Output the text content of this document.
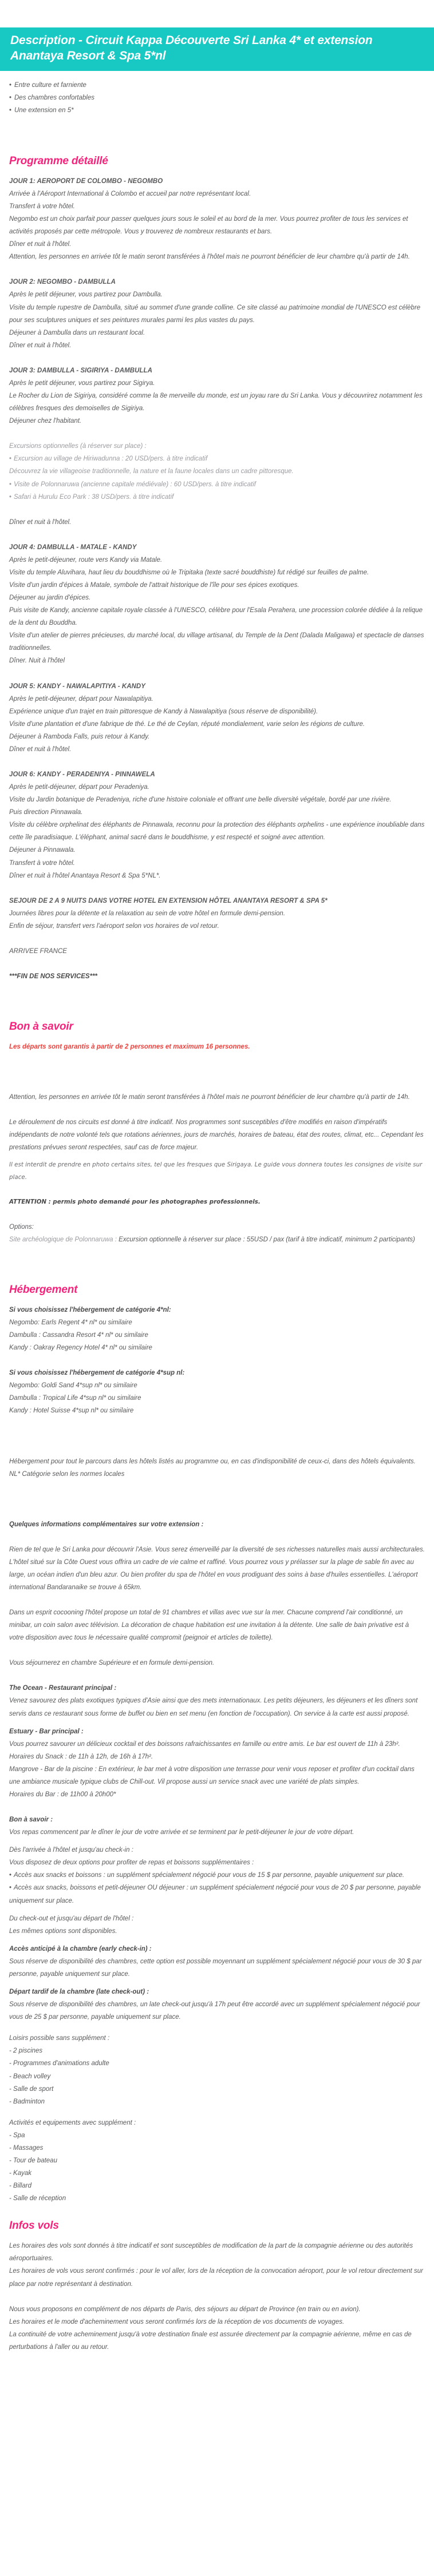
Description - Circuit Kappa Découverte Sri Lanka 4* et extension Anantaya Resort & Spa 5*nl
• Entre culture et farniente
• Des chambres confortables
• Une extension en 5*
Programme détaillé

JOUR 1: AEROPORT DE COLOMBO - NEGOMBO

Arrivée à l'Aéroport International à Colombo et accueil par notre représentant local.

Transfert à votre hôtel.

Negombo est un choix parfait pour passer quelques jours sous le soleil et au bord de la mer. Vous pourrez profiter de tous les services et activités proposés par cette métropole. Vous y trouverez de nombreux restaurants et bars.

Dîner et nuit à l'hôtel.

Attention, les personnes en arrivée tôt le matin seront transférées à l'hôtel mais ne pourront bénéficier de leur chambre qu'à partir de 14h.

JOUR 2: NEGOMBO - DAMBULLA

Après le petit déjeuner, vous partirez pour Dambulla.

Visite du temple rupestre de Dambulla, situé au sommet d'une grande colline. Ce site classé au patrimoine mondial de l'UNESCO est célèbre pour ses sculptures uniques et ses peintures murales parmi les plus vastes du pays.

Déjeuner à Dambulla dans un restaurant local.

Dîner et nuit à l'hôtel.

JOUR 3: DAMBULLA - SIGIRIYA - DAMBULLA

Après le petit déjeuner, vous partirez pour Sigirya.

Le Rocher du Lion de Sigiriya, considéré comme la 8e merveille du monde, est un joyau rare du Sri Lanka. Vous y découvrirez notamment les célèbres fresques des demoiselles de Sigiriya.

Déjeuner chez l'habitant.

Excursions optionnelles (à réserver sur place) :

• Excursion au village de Hiriwadunna : 20 USD/pers. à titre indicatif
Découvrez la vie villageoise traditionnelle, la nature et la faune locales dans un cadre pittoresque.
• Visite de Polonnaruwa (ancienne capitale médiévale) : 60 USD/pers. à titre indicatif
• Safari à Hurulu Eco Park : 38 USD/pers. à titre indicatif

Dîner et nuit à l'hôtel.

JOUR 4: DAMBULLA - MATALE - KANDY

Après le petit-déjeuner, route vers Kandy via Matale.

Visite du temple Aluvihara, haut lieu du bouddhisme où le Tripitaka (texte sacré bouddhiste) fut rédigé sur feuilles de palme.

Visite d'un jardin d'épices à Matale, symbole de l'attrait historique de l'île pour ses épices exotiques.

Déjeuner au jardin d'épices.

Puis visite de Kandy, ancienne capitale royale classée à l'UNESCO, célèbre pour l'Esala Perahera, une procession colorée dédiée à la relique de la dent du Bouddha.

Visite d'un atelier de pierres précieuses, du marché local, du village artisanal, du Temple de la Dent (Dalada Maligawa) et spectacle de danses traditionnelles.

Dîner. Nuit à l'hôtel

JOUR 5: KANDY - NAWALAPITIYA - KANDY

Après le petit-déjeuner, départ pour Nawalapitiya.

Expérience unique d'un trajet en train pittoresque de Kandy à Nawalapitiya (sous réserve de disponibilité).

Visite d'une plantation et d'une fabrique de thé. Le thé de Ceylan, réputé mondialement, varie selon les régions de culture.

Déjeuner à Ramboda Falls, puis retour à Kandy.

Dîner et nuit à l'hôtel.

JOUR 6: KANDY - PERADENIYA - PINNAWELA

Après le petit-déjeuner, départ pour Peradeniya.

Visite du Jardin botanique de Peradeniya, riche d'une histoire coloniale et offrant une belle diversité végétale, bordé par une rivière.

Puis direction Pinnawala.

Visite du célèbre orphelinat des éléphants de Pinnawala, reconnu pour la protection des éléphants orphelins - une expérience inoubliable dans cette île paradisiaque. L'éléphant, animal sacré dans le bouddhisme, y est respecté et soigné avec attention.

Déjeuner à Pinnawala.

Transfert à votre hôtel.

Dîner et nuit à l'hôtel Anantaya Resort & Spa 5*NL*.

SEJOUR DE 2 A 9 NUITS DANS VOTRE HOTEL EN EXTENSION HÔTEL ANANTAYA RESORT & SPA 5*

Journées libres pour la détente et la relaxation au sein de votre hôtel en formule demi-pension.

Enfin de séjour, transfert vers l'aéroport selon vos horaires de vol retour.

ARRIVEE FRANCE

***FIN DE NOS SERVICES***

Bon à savoir

Les départs sont garantis à partir de 2 personnes et maximum 16 personnes.

Attention, les personnes en arrivée tôt le matin seront transférées à l'hôtel mais ne pourront bénéficier de leur chambre qu'à partir de 14h.

Le déroulement de nos circuits est donné à titre indicatif. Nos programmes sont susceptibles d'être modifiés en raison d'impératifs indépendants de notre volonté tels que rotations aériennes, jours de marchés, horaires de bateau, état des routes, climat, etc... Cependant les prestations prévues seront respectées, sauf cas de force majeur.

Il est interdit de prendre en photo certains sites, tel que les fresques que Sirigaya. Le guide vous donnera toutes les consignes de visite sur place.

ATTENTION : permis photo demandé pour les photographes professionnels.

Options:

Site archéologique de Polonnaruwa : Excursion optionnelle à réserver sur place : 55USD / pax (tarif à titre indicatif, minimum 2 participants)

Hébergement

Si vous choisissez l'hébergement de catégorie 4*nl:

Negombo: Earls Regent 4* nl* ou similaire

Dambulla : Cassandra Resort 4* nl* ou similaire

Kandy : Oakray Regency Hotel 4* nl* ou similaire

Si vous choisissez l'hébergement de catégorie 4*sup nl:

Negombo: Goldi Sand 4*sup nl* ou similaire

Dambulla : Tropical Life 4*sup nl* ou similaire

Kandy : Hotel Suisse 4*sup nl* ou similaire

Hébergement pour tout le parcours dans les hôtels listés au programme ou, en cas d'indisponibilité de ceux-ci, dans des hôtels équivalents.

NL* Catégorie selon les normes locales

Quelques informations complémentaires sur votre extension :

Rien de tel que le Sri Lanka pour découvrir l'Asie. Vous serez émerveillé par la diversité de ses richesses naturelles mais aussi architecturales. L'hôtel situé sur la Côte Ouest vous offrira un cadre de vie calme et raffiné. Vous pourrez vous y prélasser sur la plage de sable fin avec au large, un océan indien d'un bleu azur. Ou bien profiter du spa de l'hôtel en vous prodiguant des soins à base d'huiles essentielles. L'aéroport international Bandaranaike se trouve à 65km.

Dans un esprit cocooning l'hôtel propose un total de 91 chambres et villas avec vue sur la mer. Chacune comprend l'air conditionné, un minibar, un coin salon avec télévision. La décoration de chaque habitation est une invitation à la détente. Une salle de bain privative est à votre disposition avec tous le nécessaire qualité compromit (peignoir et articles de toilette).

Vous séjournerez en chambre Supérieure et en formule demi-pension.

The Ocean - Restaurant principal :

Venez savourez des plats exotiques typiques d'Asie ainsi que des mets internationaux. Les petits déjeuners, les déjeuners et les dîners sont servis dans ce restaurant sous forme de buffet ou bien en set menu (en fonction de l'occupation). On service à la carte est aussi proposé.

Estuary - Bar principal :

Vous pourrez savourer un délicieux cocktail et des boissons rafraichissantes en famille ou entre amis. Le bar est ouvert de 11h à 23h².

Horaires du Snack : de 11h à 12h, de 16h à 17h².

Mangrove - Bar de la piscine : En extérieur, le bar met à votre disposition une terrasse pour venir vous reposer et profiter d'un cocktail dans une ambiance musicale typique clubs de Chill-out. Vil propose aussi un service snack avec une variété de plats simples.

Horaires du Bar : de 11h00 à 20h00*

Bon à savoir :

Vos repas commencent par le dîner le jour de votre arrivée et se terminent par le petit-déjeuner le jour de votre départ.

Dès l'arrivée à l'hôtel et jusqu'au check-in :

Vous disposez de deux options pour profiter de repas et boissons supplémentaires :

• Accès aux snacks et boissons : un supplément spécialement négocié pour vous de 15 $ par personne, payable uniquement sur place.
• Accès aux snacks, boissons et petit-déjeuner OU déjeuner : un supplément spécialement négocié pour vous de 20 $ par personne, payable uniquement sur place.

Du check-out et jusqu'au départ de l'hôtel :

Les mêmes options sont disponibles.

Accès anticipé à la chambre (early check-in) :

Sous réserve de disponibilité des chambres, cette option est possible moyennant un supplément spécialement négocié pour vous de 30 $ par personne, payable uniquement sur place.

Départ tardif de la chambre (late check-out) :

Sous réserve de disponibilité des chambres, un late check-out jusqu'à 17h peut être accordé avec un supplément spécialement négocié pour vous de 25 $ par personne, payable uniquement sur place.

Loisirs possible sans supplément :

- 2 piscines

- Programmes d'animations adulte

- Beach volley

- Salle de sport

- Badminton

Activités et equipements avec supplément :

- Spa

- Massages

- Tour de bateau

- Kayak

- Billard

- Salle de réception

Infos vols

Les horaires des vols sont donnés à titre indicatif et sont susceptibles de modification de la part de la compagnie aérienne ou des autorités aéroportuaires.

Les horaires de vols vous seront confirmés : pour le vol aller, lors de la réception de la convocation aéroport, pour le vol retour directement sur place par notre représentant à destination.

Nous vous proposons en complément de nos départs de Paris, des séjours au départ de Province (en train ou en avion).

Les horaires et le mode d'acheminement vous seront confirmés lors de la réception de vos documents de voyages.

La continuité de votre acheminement jusqu'à votre destination finale est assurée directement par la compagnie aérienne, même en cas de perturbations à l'aller ou au retour.
